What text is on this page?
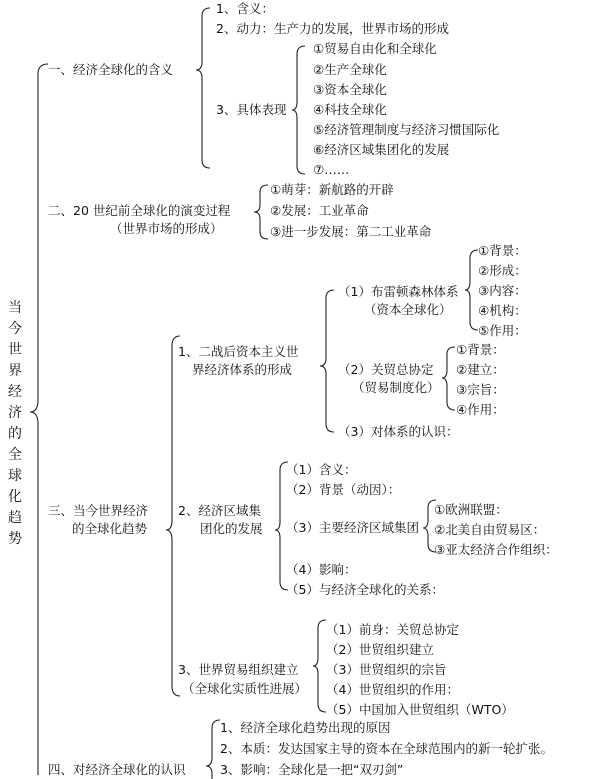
当今世界经济的全球化趋势
一、经济全球化的含义
1、含义：
2、动力：生产力的发展，世界市场的形成
3、具体表现
①贸易自由化和全球化
②生产全球化
③资本全球化
④科技全球化
⑤经济管理制度与经济习惯国际化
⑥经济区域集团化的发展
⑦……
二、20 世纪前全球化的演变过程
（世界市场的形成）
①萌芽：新航路的开辟
②发展：工业革命
③进一步发展：第二工业革命
三、当今世界经济
的全球化趋势
1、二战后资本主义世
界经济体系的形成
（1）布雷顿森林体系
（资本全球化）
①背景：
②形成：
③内容：
④机构：
⑤作用：
（2）关贸总协定
（贸易制度化）
①背景：
②建立：
③宗旨：
④作用：
（3）对体系的认识：
2、经济区域集
团化的发展
（1）含义：
（2）背景（动因）：
（3）主要经济区域集团
（4）影响：
（5）与经济全球化的关系：
①欧洲联盟：
②北美自由贸易区：
③亚太经济合作组织：
3、世界贸易组织建立
（全球化实质性进展）
（1）前身：关贸总协定
（2）世贸组织建立
（3）世贸组织的宗旨
（4）世贸组织的作用：
（5）中国加入世贸组织（WTO）
四、对经济全球化的认识
1、经济全球化趋势出现的原因
2、本质：发达国家主导的资本在全球范围内的新一轮扩张。
3、影响：全球化是一把“双刃剑”
